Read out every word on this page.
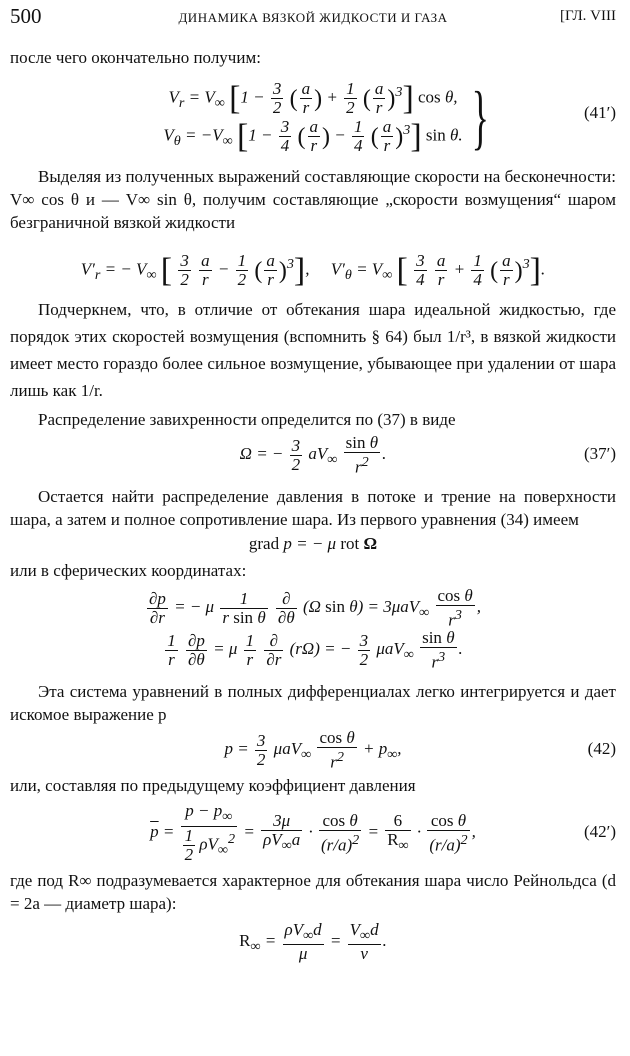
500	ДИНАМИКА ВЯЗКОЙ ЖИДКОСТИ И ГАЗА	[ГЛ. VIII

после чего окончательно получим:

$V_r = V_\infty$ [$1 - \frac{3}{2}$ ( $\frac{a}{r}$ ) + $\frac{1}{2}$ ( $\frac{a}{r} )^3$] cos θ,
$V_\theta = -V_\infty$ [$1 - \frac{3}{4}$ ( $\frac{a}{r}$ ) − $\frac{1}{4}$ ( $\frac{a}{r} )^3$] sin θ. }	(41′)

Выделяя из полученных выражений составляющие скорости на бесконечности: V∞ cos θ и — V∞ sin θ, получим составляющие „скорости возмущения“ шаром безграничной вязкой жидкости

$V'_r$ = − $V_\infty$ [ $\frac{3}{2}$
$\frac{a}{r} - \frac{1}{2}$ ( $\frac{a}{r} )^3$],     $V'_\theta = V_\infty$ [ $\frac{3}{4}$
$\frac{a}{r} + \frac{1}{4}$ ( $\frac{a}{r} )^3$].

Подчеркнем, что, в отличие от обтекания шара идеальной жидкостью, где порядок этих скоростей возмущения (вспомнить § 64) был 1/r³, в вязкой жидкости имеет место гораздо более сильное возмущение, убывающее при удалении от шара лишь как 1/r.

Распределение завихренности определится по (37) в виде

Ω = − $\frac{3}{2} aV_\infty \frac{\text{sin θ}}{r^2}$ .	(37′)

Остается найти распределение давления в потоке и трение на поверхности шара, а затем и полное сопротивление шара. Из первого уравнения (34) имеем

grad p = − μ rot Ω

или в сферических координатах:

$\frac{\partial p}{\partial r}$ = − μ $\frac{1}{\text{r sin θ}}$
$\frac{\partial}{\partial\theta} (\Omega$ $\sin \theta) = 3\mu aV_\infty \frac{\text{cos θ}}{r^3}$ ,
$\frac{1}{r}$
$\frac{\partial p}{\partial\theta} = \mu \frac{1}{r}$
$\frac{\partial}{\partial r} (r\Omega)$ = − $\frac{3}{2} \mu aV_\infty \frac{\text{sin θ}}{r^3}$ .

Эта система уравнений в полных дифференциалах легко интегрируется и дает искомое выражение p

$p = \frac{3}{2} \mu aV_\infty \frac{\text{cos θ}}{r^2} + p_\infty$,	(42)

или, составляя по предыдущему коэффициент давления

$\overline{p} = \frac{p - p_\infty}{\frac{1}{2} \rho V_\infty^2} = \frac{3\mu}{\rho V_\infty a} \cdot \frac{\text{cos θ}}{(r/a)^2} = \frac{6}{R_\infty} \cdot \frac{\text{cos θ}}{(r/a)^2}$ ,	(42′)

где под R∞ подразумевается характерное для обтекания шара число Рейнольдса (d = 2a — диаметр шара):

$R_\infty = \frac{\rho V_\infty d}{\mu} = \frac{V_\infty d}{\nu}$ .
